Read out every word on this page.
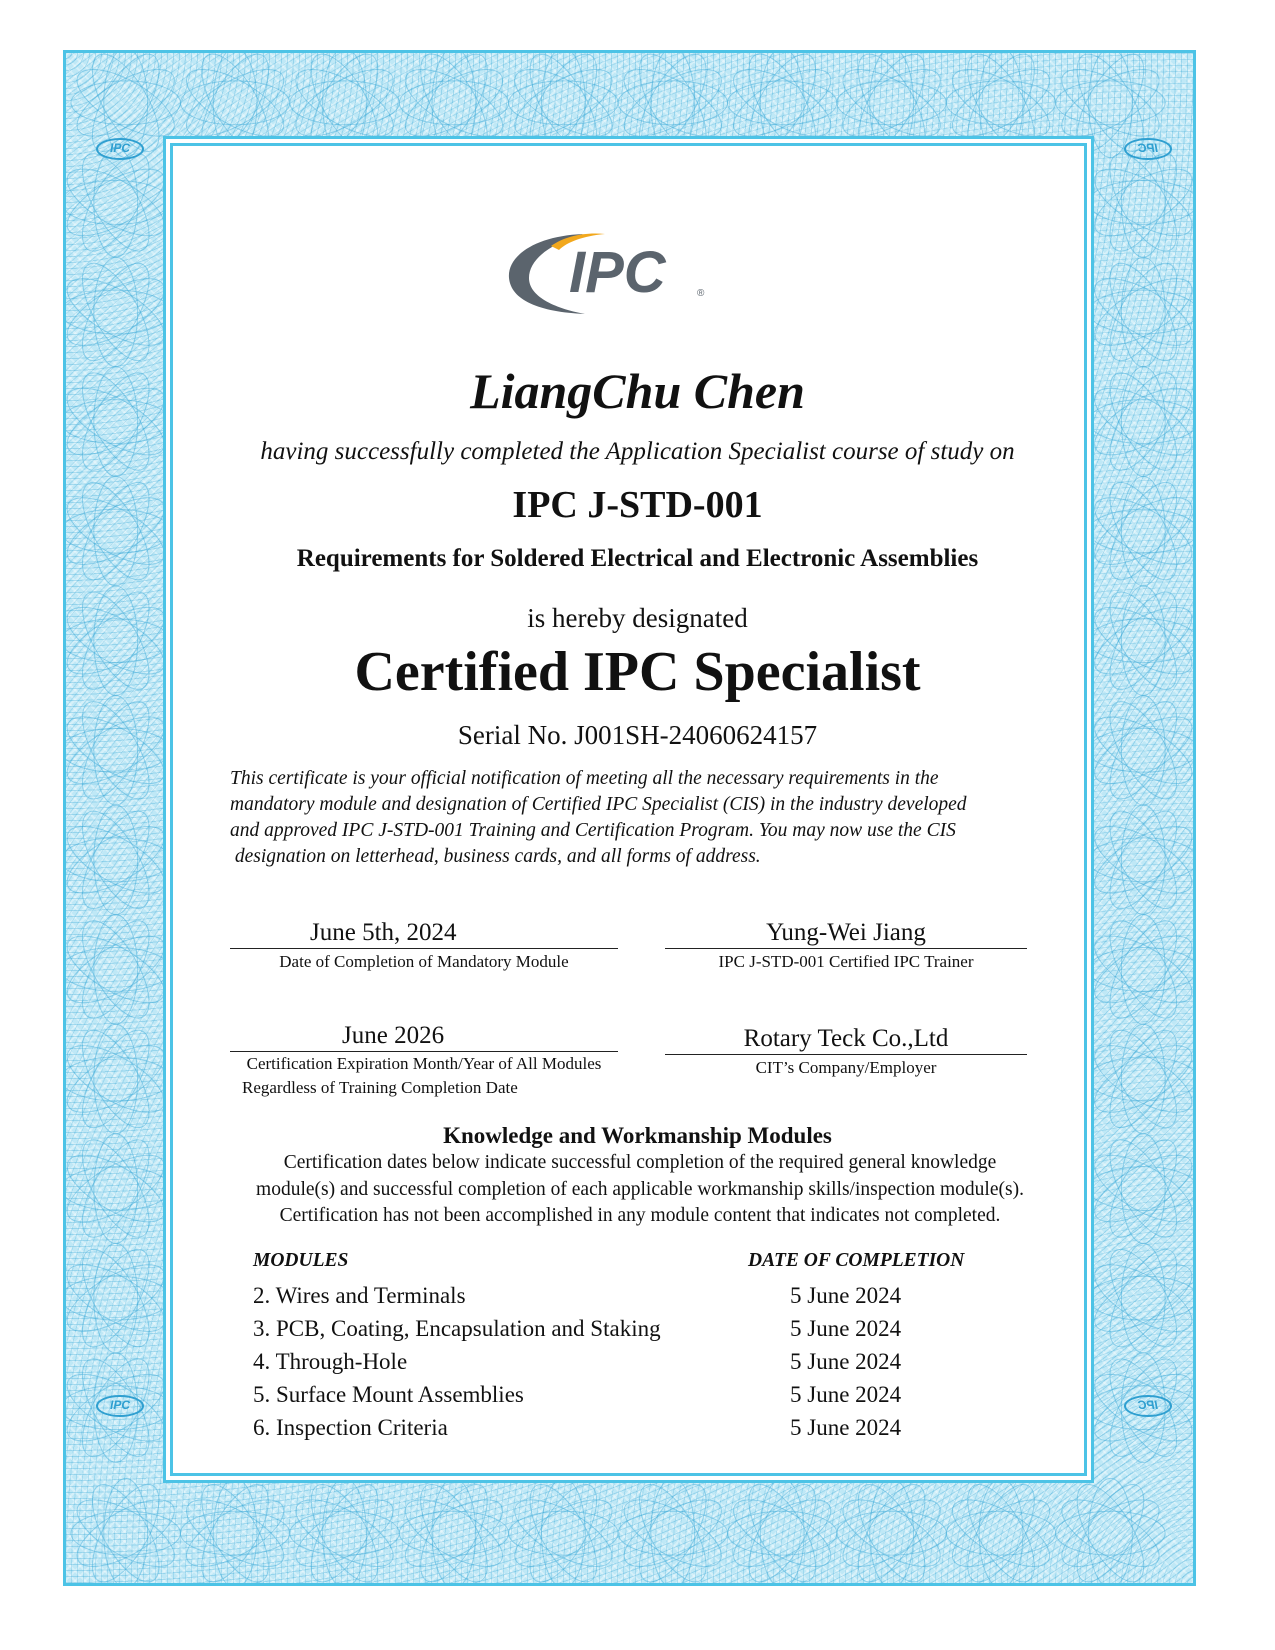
IPC	IPC
IPC	IPC
IPC	®
LiangChu Chen
having successfully completed the Application Specialist course of study on
IPC J-STD-001
Requirements for Soldered Electrical and Electronic Assemblies
is hereby designated
Certified IPC Specialist
Serial No. J001SH-24060624157
This certificate is your official notification of meeting all the necessary requirements in the
mandatory module and designation of Certified IPC Specialist (CIS) in the industry developed
and approved IPC J-STD-001 Training and Certification Program. You may now use the CIS
designation on letterhead, business cards, and all forms of address.
June 5th, 2024
Date of Completion of Mandatory Module
Yung-Wei Jiang
IPC J-STD-001 Certified IPC Trainer
June 2026
Certification Expiration Month/Year of All Modules
Regardless of Training Completion Date
Rotary Teck Co.,Ltd
CIT’s Company/Employer
Knowledge and Workmanship Modules
Certification dates below indicate successful completion of the required general knowledge
module(s) and successful completion of each applicable workmanship skills/inspection module(s).
Certification has not been accomplished in any module content that indicates not completed.
MODULES	DATE OF COMPLETION
2. Wires and Terminals	5 June 2024
3. PCB, Coating, Encapsulation and Staking	5 June 2024
4. Through-Hole	5 June 2024
5. Surface Mount Assemblies	5 June 2024
6. Inspection Criteria	5 June 2024
